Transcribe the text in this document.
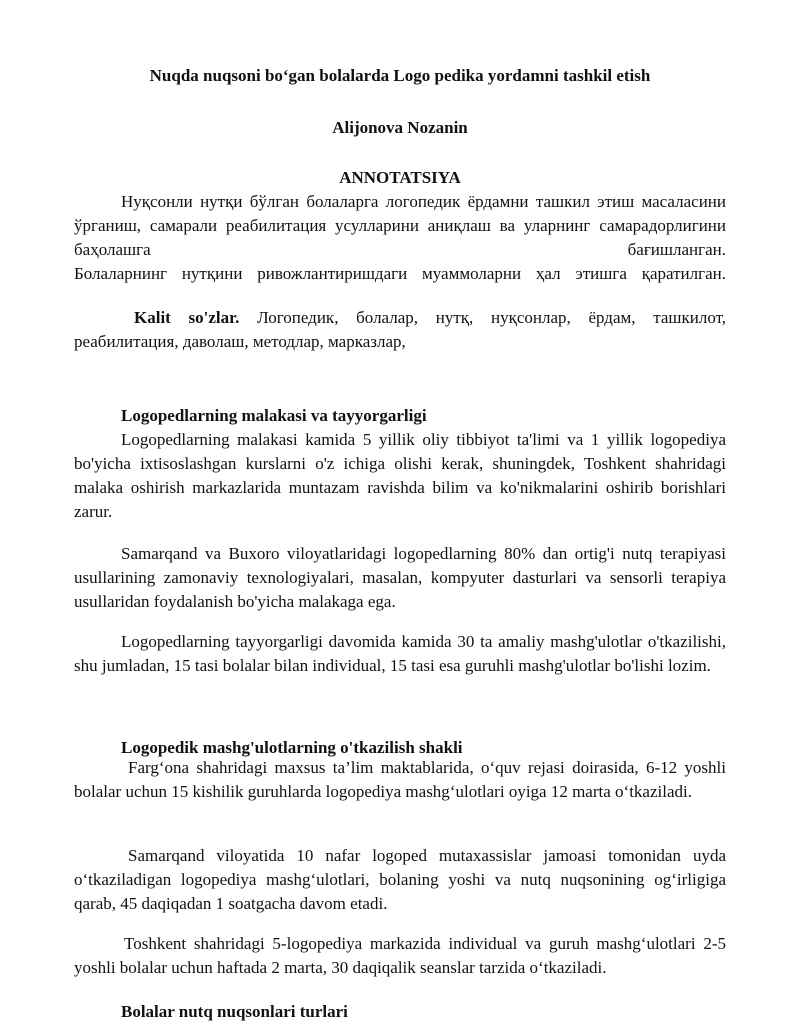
Nuqda nuqsoni bo‘gan bolalarda Logo pedika yordamni tashkil etish
Alijonova Nozanin
ANNOTATSIYA
Нуқсонли нутқи бўлган болаларга логопедик ёрдамни ташкил этиш масаласини ўрганиш, самарали реабилитация усулларини аниқлаш ва уларнинг самарадорлигини баҳолашга бағишланган.
Болаларнинг нутқини ривожлантиришдаги муаммоларни ҳал этишга қаратилган.
Kalit so'zlar. Логопедик, болалар, нутқ, нуқсонлар, ёрдам, ташкилот, реабилитация, даволаш, методлар, марказлар,
Logopedlarning malakasi va tayyorgarligi
Logopedlarning malakasi kamida 5 yillik oliy tibbiyot ta'limi va 1 yillik logopediya bo'yicha ixtisoslashgan kurslarni o'z ichiga olishi kerak, shuningdek, Toshkent shahridagi malaka oshirish markazlarida muntazam ravishda bilim va ko'nikmalarini oshirib borishlari zarur.
Samarqand va Buxoro viloyatlaridagi logopedlarning 80% dan ortig'i nutq terapiyasi usullarining zamonaviy texnologiyalari, masalan, kompyuter dasturlari va sensorli terapiya usullaridan foydalanish bo'yicha malakaga ega.
Logopedlarning tayyorgarligi davomida kamida 30 ta amaliy mashg'ulotlar o'tkazilishi, shu jumladan, 15 tasi bolalar bilan individual, 15 tasi esa guruhli mashg'ulotlar bo'lishi lozim.
Logopedik mashg'ulotlarning o'tkazilish shakli
Farg‘ona shahridagi maxsus ta’lim maktablarida, o‘quv rejasi doirasida, 6-12 yoshli bolalar uchun 15 kishilik guruhlarda logopediya mashg‘ulotlari oyiga 12 marta o‘tkaziladi.
Samarqand viloyatida 10 nafar logoped mutaxassislar jamoasi tomonidan uyda o‘tkaziladigan logopediya mashg‘ulotlari, bolaning yoshi va nutq nuqsonining og‘irligiga qarab, 45 daqiqadan 1 soatgacha davom etadi.
Toshkent shahridagi 5-logopediya markazida individual va guruh mashg‘ulotlari 2-5 yoshli bolalar uchun haftada 2 marta, 30 daqiqalik seanslar tarzida o‘tkaziladi.
Bolalar nutq nuqsonlari turlari
